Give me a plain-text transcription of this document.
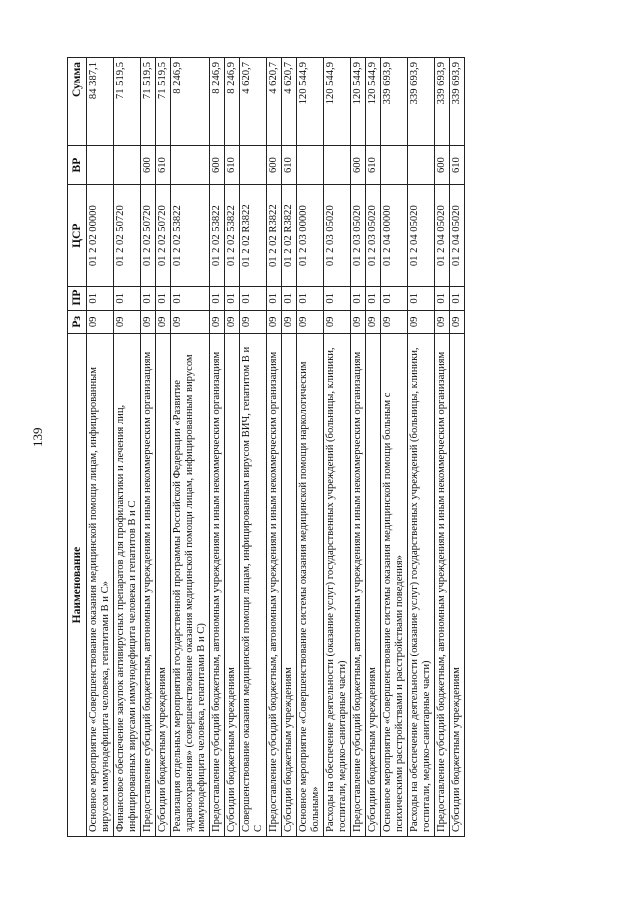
139
Наименование	Рз	ПР	ЦСР	ВР	Сумма
Основное мероприятие «Совершенствование оказания медицинской помощи лицам, инфицированным вирусом иммунодефицита человека, гепатитами В и С»	09	01	01 2 02 00000		84 387,1
Финансовое обеспечение закупок антивирусных препаратов для профилактики и лечения лиц, инфицированных вирусами иммунодефицита человека и гепатитов В и С	09	01	01 2 02 50720		71 519,5
Предоставление субсидий бюджетным, автономным учреждениям и иным некоммерческим организациям	09	01	01 2 02 50720	600	71 519,5
Субсидии бюджетным учреждениям	09	01	01 2 02 50720	610	71 519,5
Реализация отдельных мероприятий государственной программы Российской Федерации «Развитие здравоохранения» (совершенствование оказания медицинской помощи лицам, инфицированным вирусом иммунодефицита человека, гепатитами В и С)	09	01	01 2 02 53822		8 246,9
Предоставление субсидий бюджетным, автономным учреждениям и иным некоммерческим организациям	09	01	01 2 02 53822	600	8 246,9
Субсидии бюджетным учреждениям	09	01	01 2 02 53822	610	8 246,9
Совершенствование оказания медицинской помощи лицам, инфицированным вирусом ВИЧ, гепатитом В и С	09	01	01 2 02 R3822		4 620,7
Предоставление субсидий бюджетным, автономным учреждениям и иным некоммерческим организациям	09	01	01 2 02 R3822	600	4 620,7
Субсидии бюджетным учреждениям	09	01	01 2 02 R3822	610	4 620,7
Основное мероприятие «Совершенствование системы оказания медицинской помощи наркологическим больным»	09	01	01 2 03 00000		120 544,9
Расходы на обеспечение деятельности (оказание услуг) государственных учреждений (больницы, клиники, госпитали, медико-санитарные части)	09	01	01 2 03 05020		120 544,9
Предоставление субсидий бюджетным, автономным учреждениям и иным некоммерческим организациям	09	01	01 2 03 05020	600	120 544,9
Субсидии бюджетным учреждениям	09	01	01 2 03 05020	610	120 544,9
Основное мероприятие «Совершенствование системы оказания медицинской помощи больным с психическими расстройствами и расстройствами поведения»	09	01	01 2 04 00000		339 693,9
Расходы на обеспечение деятельности (оказание услуг) государственных учреждений (больницы, клиники, госпитали, медико-санитарные части)	09	01	01 2 04 05020		339 693,9
Предоставление субсидий бюджетным, автономным учреждениям и иным некоммерческим организациям	09	01	01 2 04 05020	600	339 693,9
Субсидии бюджетным учреждениям	09	01	01 2 04 05020	610	339 693,9
